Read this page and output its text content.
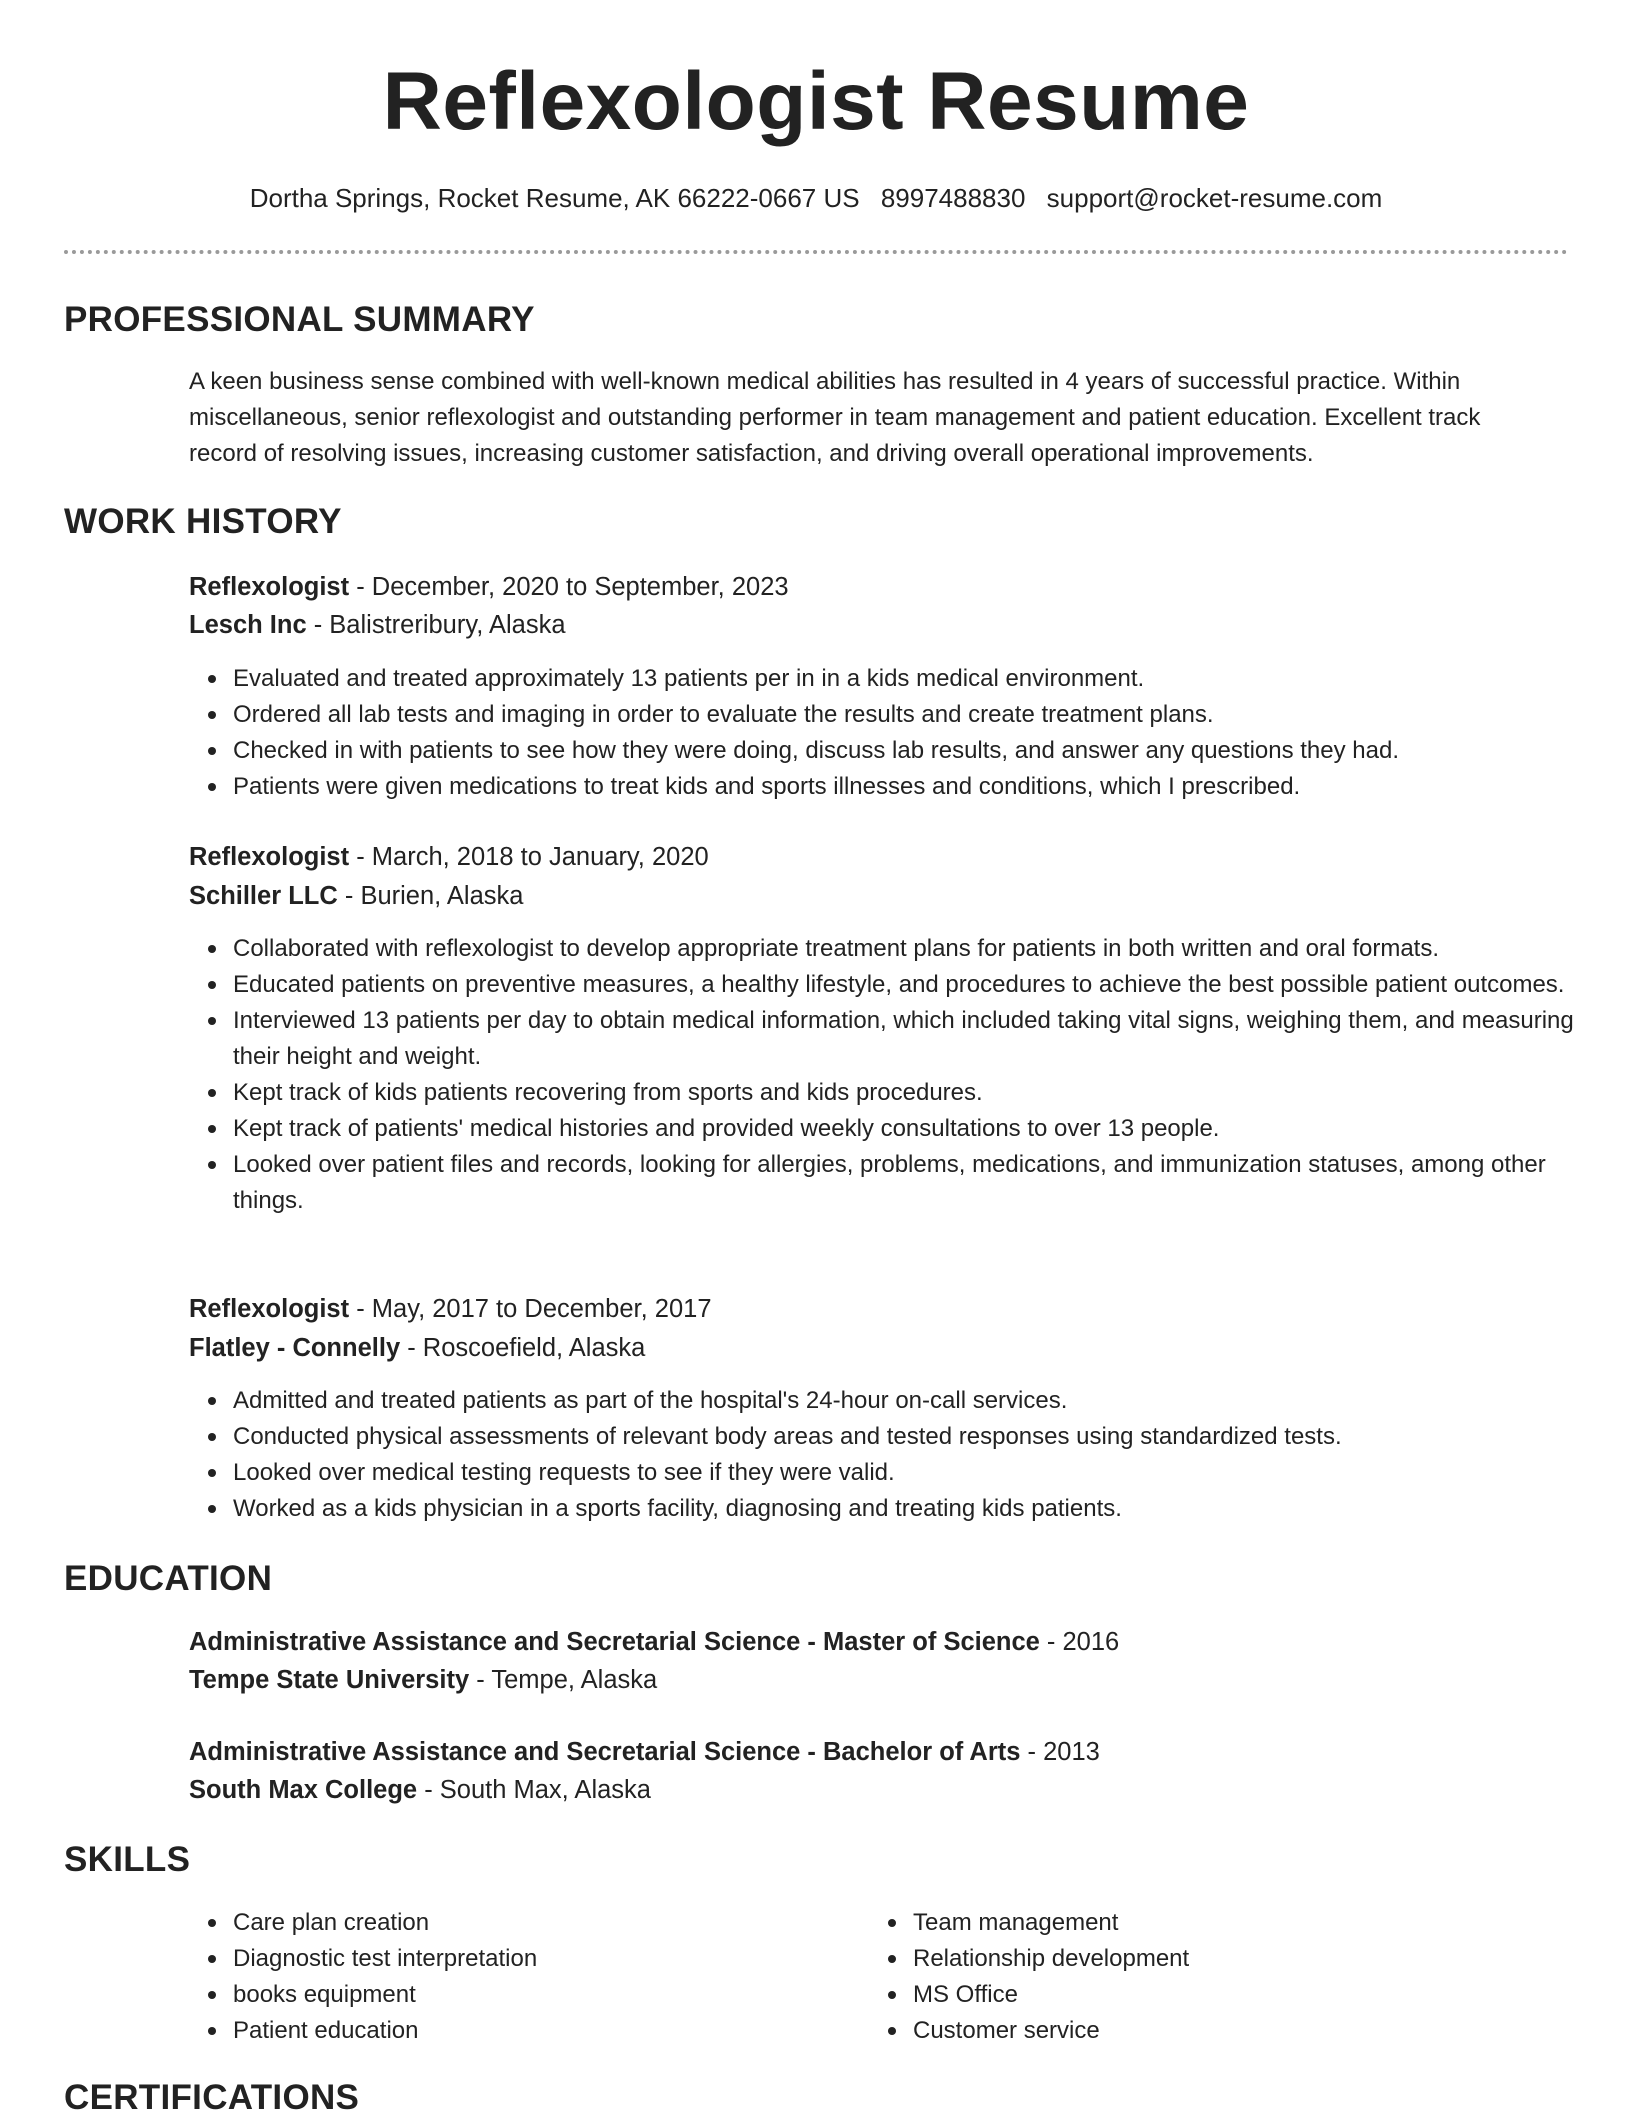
Reflexologist Resume
Dortha Springs, Rocket Resume, AK 66222-0667 US 8997488830 support@rocket-resume.com
PROFESSIONAL SUMMARY
A keen business sense combined with well-known medical abilities has resulted in 4 years of successful practice. Within miscellaneous, senior reflexologist and outstanding performer in team management and patient education. Excellent track record of resolving issues, increasing customer satisfaction, and driving overall operational improvements.
WORK HISTORY
Reflexologist - December, 2020 to September, 2023
Lesch Inc - Balistreribury, Alaska
Evaluated and treated approximately 13 patients per in in a kids medical environment.
Ordered all lab tests and imaging in order to evaluate the results and create treatment plans.
Checked in with patients to see how they were doing, discuss lab results, and answer any questions they had.
Patients were given medications to treat kids and sports illnesses and conditions, which I prescribed.
Reflexologist - March, 2018 to January, 2020
Schiller LLC - Burien, Alaska
Collaborated with reflexologist to develop appropriate treatment plans for patients in both written and oral formats.
Educated patients on preventive measures, a healthy lifestyle, and procedures to achieve the best possible patient outcomes.
Interviewed 13 patients per day to obtain medical information, which included taking vital signs, weighing them, and measuring their height and weight.
Kept track of kids patients recovering from sports and kids procedures.
Kept track of patients' medical histories and provided weekly consultations to over 13 people.
Looked over patient files and records, looking for allergies, problems, medications, and immunization statuses, among other things.
Reflexologist - May, 2017 to December, 2017
Flatley - Connelly - Roscoefield, Alaska
Admitted and treated patients as part of the hospital's 24-hour on-call services.
Conducted physical assessments of relevant body areas and tested responses using standardized tests.
Looked over medical testing requests to see if they were valid.
Worked as a kids physician in a sports facility, diagnosing and treating kids patients.
EDUCATION
Administrative Assistance and Secretarial Science - Master of Science - 2016
Tempe State University - Tempe, Alaska
Administrative Assistance and Secretarial Science - Bachelor of Arts - 2013
South Max College - South Max, Alaska
SKILLS
Care plan creation
Diagnostic test interpretation
books equipment
Patient education
Team management
Relationship development
MS Office
Customer service
CERTIFICATIONS
